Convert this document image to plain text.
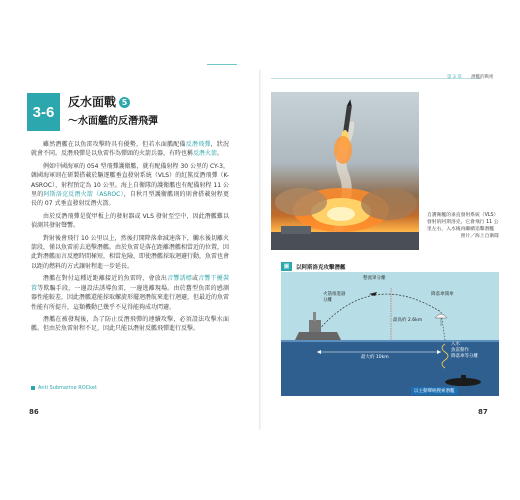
3-6
反水面戰 5
～水面艦的反潛飛彈

雖然潛艦在以魚雷攻擊時具有優勢，但若水面艦配備反潛飛彈，狀況就會不同。反潛飛彈是以魚雷作為彈頭的火箭兵器，有時也稱反潛火箭。

例如中國海軍的 054 型飛彈護衛艦，就有配備射程 30 公里的 CY-3，韓國海軍則在研製搭載於驅逐艦垂直發射系統（VLS）的紅鯊反潛飛彈（K-ASROC），射程預定為 10 公里。海上自衛隊的護衛艦也有配備射程 11 公里的阿斯洛克反潛火箭（ASROC），自秋月型護衛艦則的則會搭載射程更長的 07 式垂直發射反潛火箭。

由於反潛飛彈是從甲板上的發射器或 VLS 發射至空中，因此潛艦難以偵測其發射聲響。

對射後會飛行 10 公里以上，然後打開降落傘減速落下，觸水後切離火箭段，僅以魚雷前去追擊潛艦。由於魚雷是落在距離潛艦相當近的位置，因此對潛艦而言反應時間極短，相當危險，即使潛艦採取迴避行動，魚雷也會以距的燃料的方式讓射程進一步延長。

潛艦在對付這種近距離接近的魚雷時，會放出音響誘標或音響干擾裝置等欺騙手段，一邊設法誘導魚雷，一邊逃離現場。由於舊型魚雷的感測器性能較差，因此潛艦還能採取螺旋形擺迴潛航來進行迴避，但最近的魚雷性能有所提升，這類機動已幾乎不見得能夠成功閃避。

潛艦在被發現後，為了防止反潛飛彈的連續攻擊，必須設法攻擊水面艦。但由於魚雷射程不足，因此只能以潛射反艦飛彈進行反擊。

Anti Submarine ROCket
86
第 3 章 潛艦的戰術
自護衛艦的垂直發射系統（VLS）發射的阿斯洛克，它會飛行 11 公里左右，入水後再繼續追擊潛艦
照片／海上自衛隊
圖	以阿斯洛克攻擊潛艦
整流罩分離
火箭推進器
分離
降落傘開傘
最高約 2.6km
入水
魚雷動作
降落傘等分離
最大約 10km
以主動聲納搜索潛艦
87
